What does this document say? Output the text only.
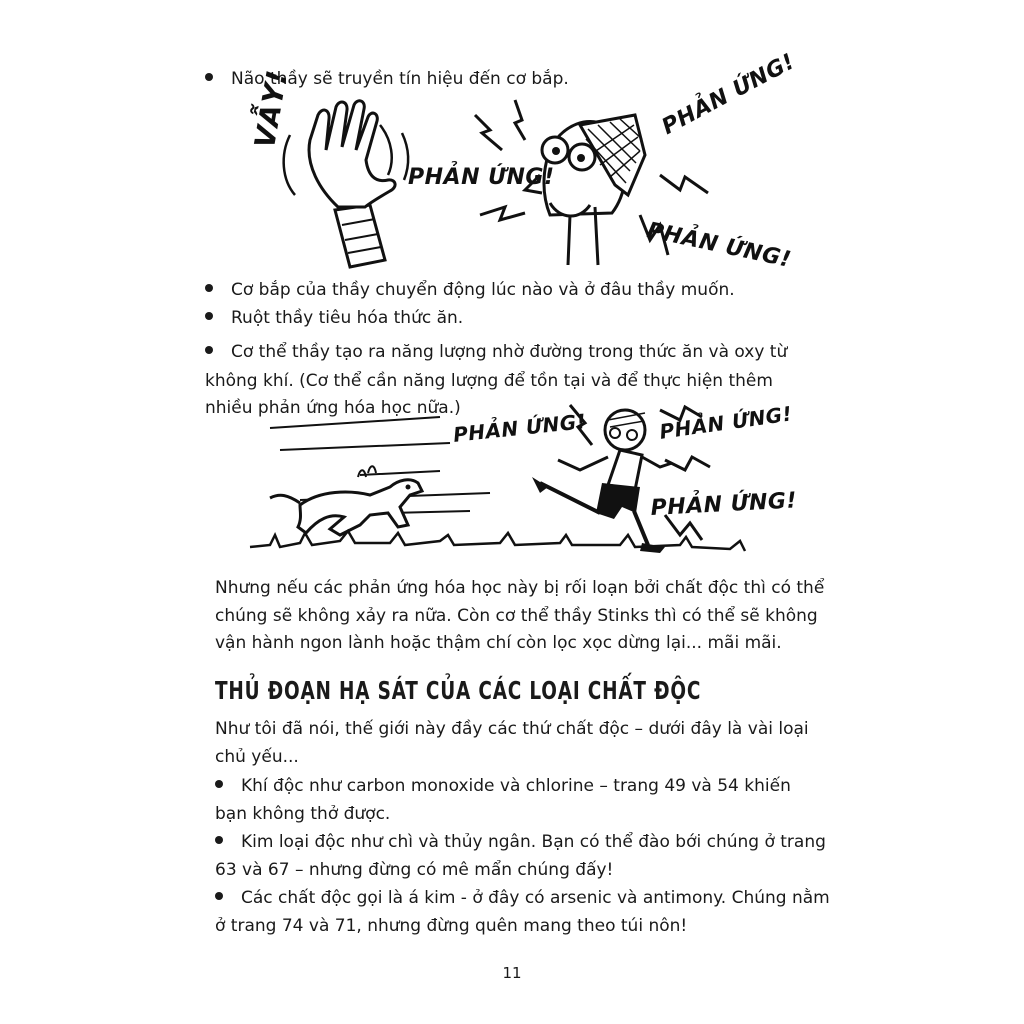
Não thầy sẽ truyền tín hiệu đến cơ bắp.
VẪY!
PHẢN ỨNG!
PHẢN ỨNG!
PHẢN ỨNG!
Cơ bắp của thầy chuyển động lúc nào và ở đâu thầy muốn.
Ruột thầy tiêu hóa thức ăn.
Cơ thể thầy tạo ra năng lượng nhờ đường trong thức ăn và oxy từ
không khí. (Cơ thể cần năng lượng để tồn tại và để thực hiện thêm
nhiều phản ứng hóa học nữa.)
PHẢN ỨNG!	PHẢN ỨNG!
PHẢN ỨNG!
Nhưng nếu các phản ứng hóa học này bị rối loạn bởi chất độc thì có thể
chúng sẽ không xảy ra nữa. Còn cơ thể thầy Stinks thì có thể sẽ không
vận hành ngon lành hoặc thậm chí còn lọc xọc dừng lại... mãi mãi.
THỦ ĐOẠN HẠ SÁT CỦA CÁC LOẠI CHẤT ĐỘC
Như tôi đã nói, thế giới này đầy các thứ chất độc – dưới đây là vài loại
chủ yếu...
Khí độc như carbon monoxide và chlorine – trang 49 và 54 khiến
bạn không thở được.
Kim loại độc như chì và thủy ngân. Bạn có thể đào bới chúng ở trang
63 và 67 – nhưng đừng có mê mẩn chúng đấy!
Các chất độc gọi là á kim - ở đây có arsenic và antimony. Chúng nằm
ở trang 74 và 71, nhưng đừng quên mang theo túi nôn!
11
